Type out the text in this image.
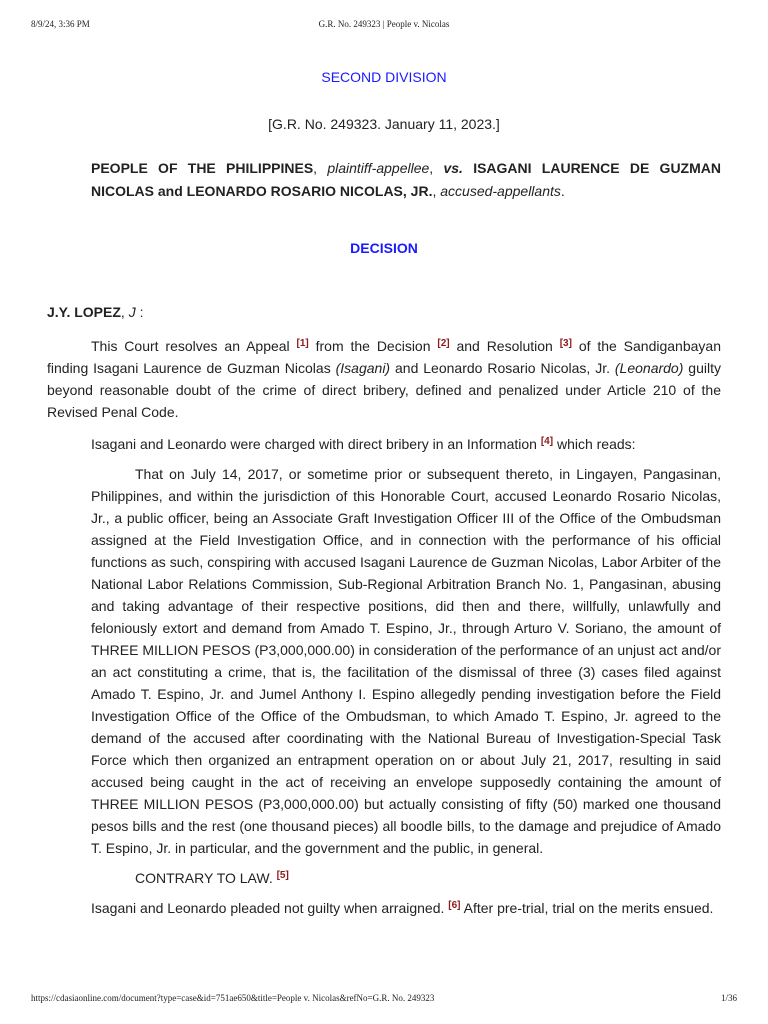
8/9/24, 3:36 PM	G.R. No. 249323 | People v. Nicolas
SECOND DIVISION
[G.R. No. 249323. January 11, 2023.]
PEOPLE OF THE PHILIPPINES, plaintiff-appellee, vs. ISAGANI LAURENCE DE GUZMAN NICOLAS and LEONARDO ROSARIO NICOLAS, JR., accused-appellants.
DECISION
J.Y. LOPEZ, J :

This Court resolves an Appeal [1] from the Decision [2] and Resolution [3] of the Sandiganbayan finding Isagani Laurence de Guzman Nicolas (Isagani) and Leonardo Rosario Nicolas, Jr. (Leonardo) guilty beyond reasonable doubt of the crime of direct bribery, defined and penalized under Article 210 of the Revised Penal Code.

Isagani and Leonardo were charged with direct bribery in an Information [4] which reads:

That on July 14, 2017, or sometime prior or subsequent thereto, in Lingayen, Pangasinan, Philippines, and within the jurisdiction of this Honorable Court, accused Leonardo Rosario Nicolas, Jr., a public officer, being an Associate Graft Investigation Officer III of the Office of the Ombudsman assigned at the Field Investigation Office, and in connection with the performance of his official functions as such, conspiring with accused Isagani Laurence de Guzman Nicolas, Labor Arbiter of the National Labor Relations Commission, Sub-Regional Arbitration Branch No. 1, Pangasinan, abusing and taking advantage of their respective positions, did then and there, willfully, unlawfully and feloniously extort and demand from Amado T. Espino, Jr., through Arturo V. Soriano, the amount of THREE MILLION PESOS (P3,000,000.00) in consideration of the performance of an unjust act and/or an act constituting a crime, that is, the facilitation of the dismissal of three (3) cases filed against Amado T. Espino, Jr. and Jumel Anthony I. Espino allegedly pending investigation before the Field Investigation Office of the Office of the Ombudsman, to which Amado T. Espino, Jr. agreed to the demand of the accused after coordinating with the National Bureau of Investigation-Special Task Force which then organized an entrapment operation on or about July 21, 2017, resulting in said accused being caught in the act of receiving an envelope supposedly containing the amount of THREE MILLION PESOS (P3,000,000.00) but actually consisting of fifty (50) marked one thousand pesos bills and the rest (one thousand pieces) all boodle bills, to the damage and prejudice of Amado T. Espino, Jr. in particular, and the government and the public, in general.

CONTRARY TO LAW. [5]

Isagani and Leonardo pleaded not guilty when arraigned. [6] After pre-trial, trial on the merits ensued.

https://cdasiaonline.com/document?type=case&id=751ae650&title=People v. Nicolas&refNo=G.R. No. 249323	1/36
